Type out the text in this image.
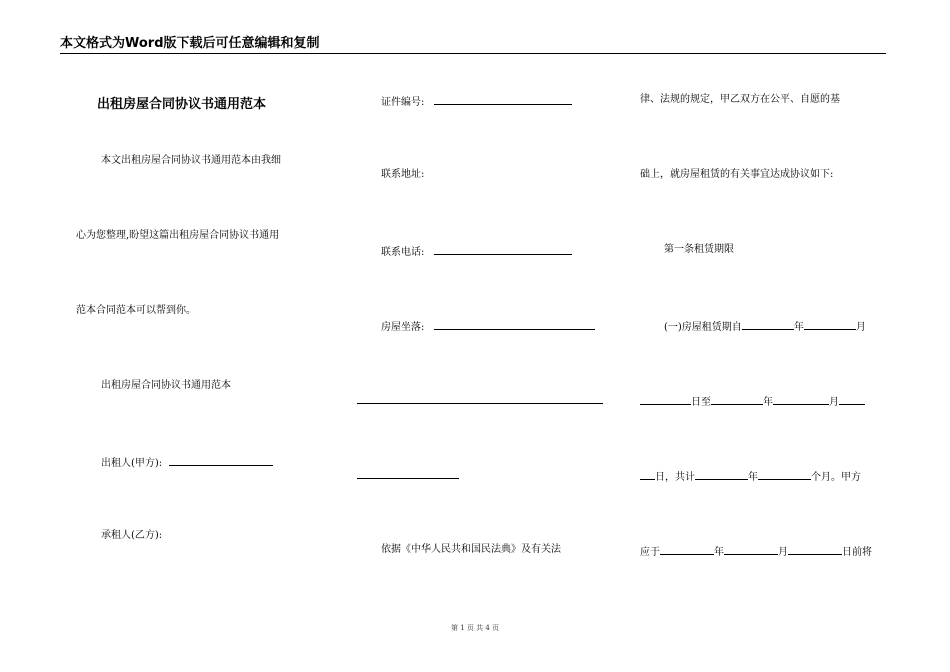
本文格式为Word版下载后可任意编辑和复制
出租房屋合同协议书通用范本
本文出租房屋合同协议书通用范本由我细
心为您整理,盼望这篇出租房屋合同协议书通用
范本合同范本可以帮到你。
出租房屋合同协议书通用范本
出租人(甲方):
承租人(乙方):
证件编号:
联系地址:
联系电话:
房屋坐落:
依据《中华人民共和国民法典》及有关法
律、法规的规定，甲乙双方在公平、自愿的基
础上，就房屋租赁的有关事宜达成协议如下:
第一条租赁期限
(一)房屋租赁期自	年	月
日至	年	月
日，共计	年	个月。甲方
应于	年	月	日前将
第 1 页 共 4 页
